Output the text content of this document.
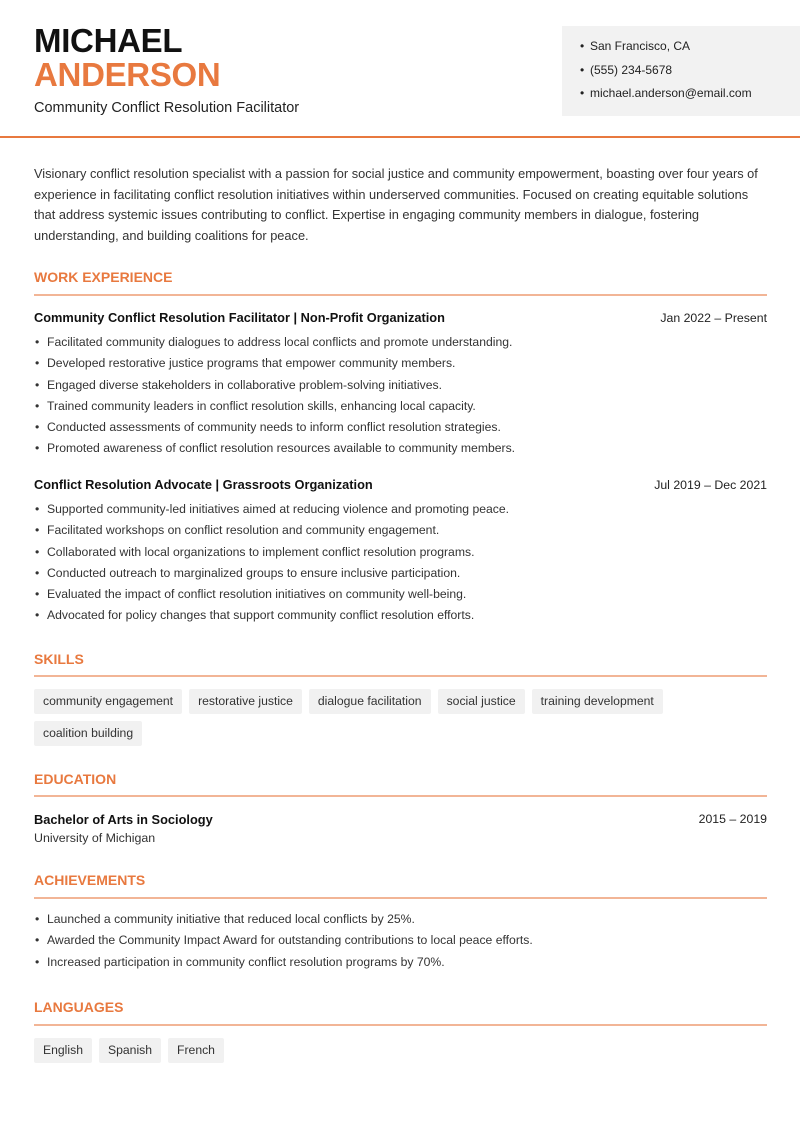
MICHAEL
ANDERSON
Community Conflict Resolution Facilitator
• San Francisco, CA
• (555) 234-5678
• michael.anderson@email.com
Visionary conflict resolution specialist with a passion for social justice and community empowerment, boasting over four years of experience in facilitating conflict resolution initiatives within underserved communities. Focused on creating equitable solutions that address systemic issues contributing to conflict. Expertise in engaging community members in dialogue, fostering understanding, and building coalitions for peace.
WORK EXPERIENCE
Community Conflict Resolution Facilitator | Non-Profit Organization	Jan 2022 – Present
• Facilitated community dialogues to address local conflicts and promote understanding.
• Developed restorative justice programs that empower community members.
• Engaged diverse stakeholders in collaborative problem-solving initiatives.
• Trained community leaders in conflict resolution skills, enhancing local capacity.
• Conducted assessments of community needs to inform conflict resolution strategies.
• Promoted awareness of conflict resolution resources available to community members.
Conflict Resolution Advocate | Grassroots Organization	Jul 2019 – Dec 2021
• Supported community-led initiatives aimed at reducing violence and promoting peace.
• Facilitated workshops on conflict resolution and community engagement.
• Collaborated with local organizations to implement conflict resolution programs.
• Conducted outreach to marginalized groups to ensure inclusive participation.
• Evaluated the impact of conflict resolution initiatives on community well-being.
• Advocated for policy changes that support community conflict resolution efforts.
SKILLS
community engagement	restorative justice	dialogue facilitation	social justice	training development
coalition building
EDUCATION
Bachelor of Arts in Sociology	2015 – 2019
University of Michigan
ACHIEVEMENTS
• Launched a community initiative that reduced local conflicts by 25%.
• Awarded the Community Impact Award for outstanding contributions to local peace efforts.
• Increased participation in community conflict resolution programs by 70%.
LANGUAGES
English	Spanish	French
